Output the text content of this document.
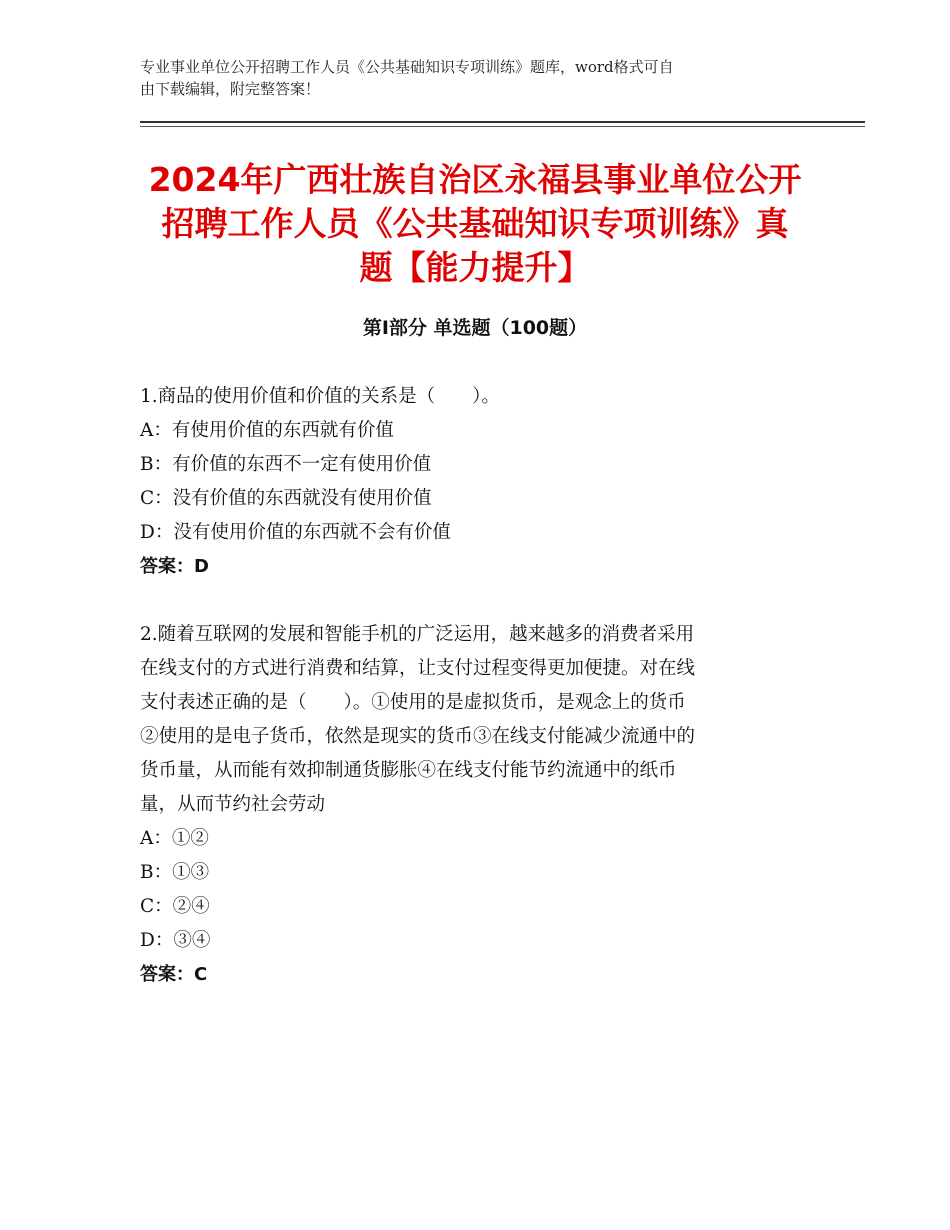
专业事业单位公开招聘工作人员《公共基础知识专项训练》题库，word格式可自
由下载编辑，附完整答案！
2024年广西壮族自治区永福县事业单位公开
招聘工作人员《公共基础知识专项训练》真
题【能力提升】
第Ⅰ部分 单选题（100题）
1.商品的使用价值和价值的关系是（　　）。
A：有使用价值的东西就有价值
B：有价值的东西不一定有使用价值
C：没有价值的东西就没有使用价值
D：没有使用价值的东西就不会有价值
答案：D
2.随着互联网的发展和智能手机的广泛运用，越来越多的消费者采用
在线支付的方式进行消费和结算，让支付过程变得更加便捷。对在线
支付表述正确的是（　　）。①使用的是虚拟货币，是观念上的货币
②使用的是电子货币，依然是现实的货币③在线支付能减少流通中的
货币量，从而能有效抑制通货膨胀④在线支付能节约流通中的纸币
量，从而节约社会劳动
A：①②
B：①③
C：②④
D：③④
答案：C
